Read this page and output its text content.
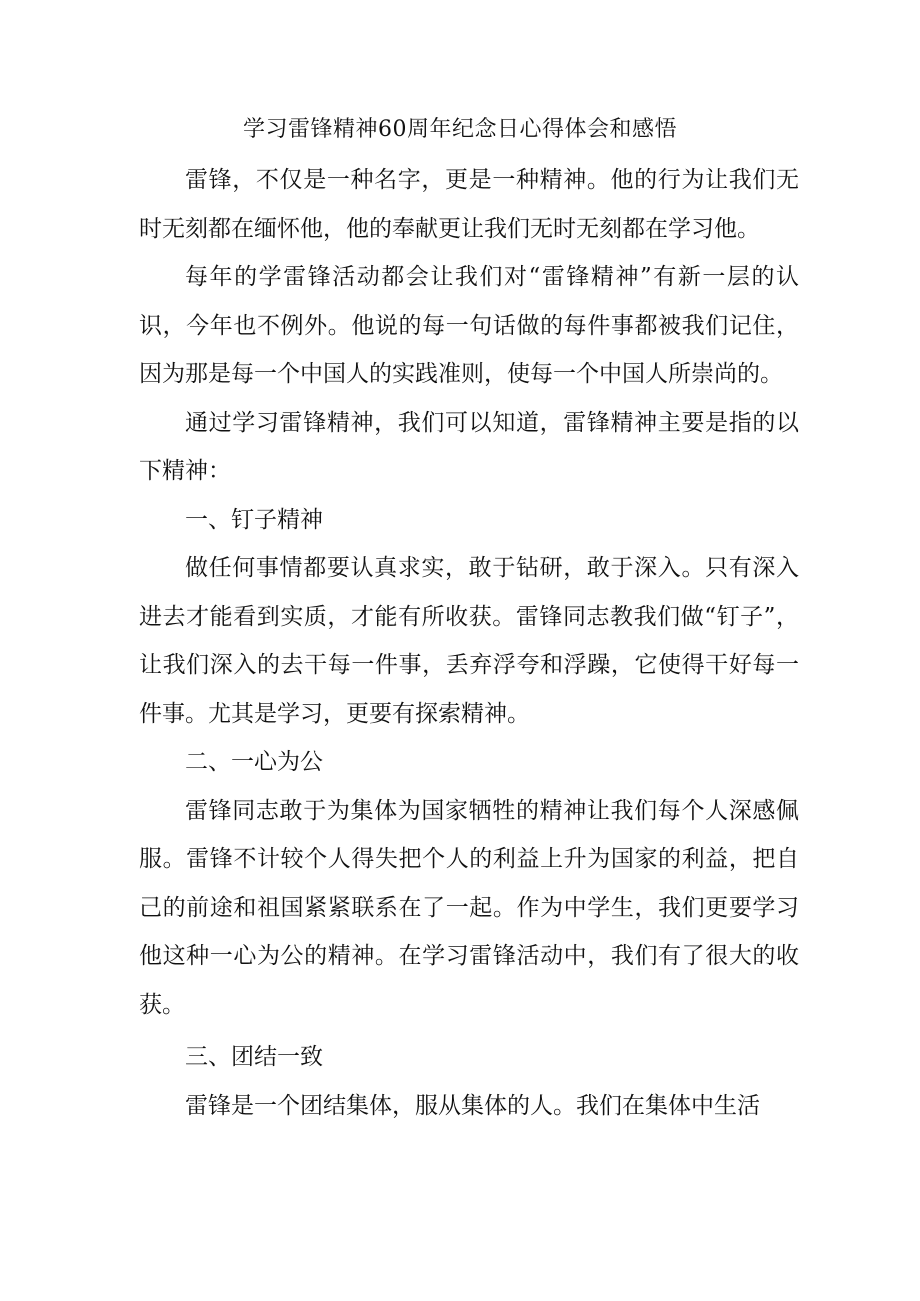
学习雷锋精神60周年纪念日心得体会和感悟

雷锋，不仅是一种名字，更是一种精神。他的行为让我们无时无刻都在缅怀他，他的奉献更让我们无时无刻都在学习他。

每年的学雷锋活动都会让我们对“雷锋精神”有新一层的认识，今年也不例外。他说的每一句话做的每件事都被我们记住，因为那是每一个中国人的实践准则，使每一个中国人所崇尚的。

通过学习雷锋精神，我们可以知道，雷锋精神主要是指的以下精神：

一、钉子精神

做任何事情都要认真求实，敢于钻研，敢于深入。只有深入进去才能看到实质，才能有所收获。雷锋同志教我们做“钉子”，让我们深入的去干每一件事，丢弃浮夸和浮躁，它使得干好每一件事。尤其是学习，更要有探索精神。

二、一心为公

雷锋同志敢于为集体为国家牺牲的精神让我们每个人深感佩服。雷锋不计较个人得失把个人的利益上升为国家的利益，把自己的前途和祖国紧紧联系在了一起。作为中学生，我们更要学习他这种一心为公的精神。在学习雷锋活动中，我们有了很大的收获。

三、团结一致

雷锋是一个团结集体，服从集体的人。我们在集体中生活
